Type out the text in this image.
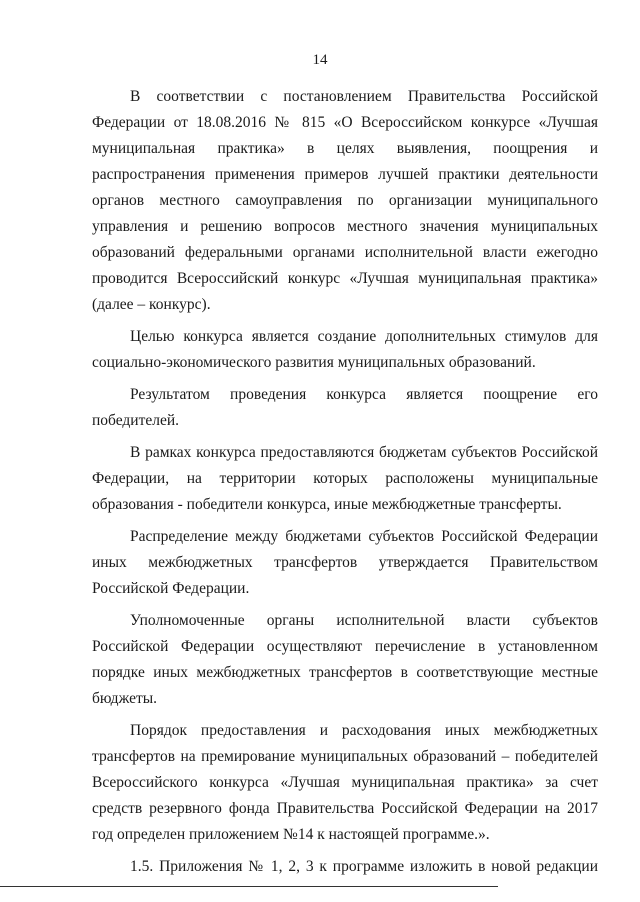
14

В соответствии с постановлением Правительства Российской Федерации от 18.08.2016 № 815 «О Всероссийском конкурсе «Лучшая муниципальная практика» в целях выявления, поощрения и распространения применения примеров лучшей практики деятельности органов местного самоуправления по организации муниципального управления и решению вопросов местного значения муниципальных образований федеральными органами исполнительной власти ежегодно проводится Всероссийский конкурс «Лучшая муниципальная практика» (далее – конкурс).

Целью конкурса является создание дополнительных стимулов для социально-экономического развития муниципальных образований.

Результатом проведения конкурса является поощрение его победителей.

В рамках конкурса предоставляются бюджетам субъектов Российской Федерации, на территории которых расположены муниципальные образования - победители конкурса, иные межбюджетные трансферты.

Распределение между бюджетами субъектов Российской Федерации иных межбюджетных трансфертов утверждается Правительством Российской Федерации.

Уполномоченные органы исполнительной власти субъектов Российской Федерации осуществляют перечисление в установленном порядке иных межбюджетных трансфертов в соответствующие местные бюджеты.

Порядок предоставления и расходования иных межбюджетных трансфертов на премирование муниципальных образований – победителей Всероссийского конкурса «Лучшая муниципальная практика» за счет средств резервного фонда Правительства Российской Федерации на 2017 год определен приложением №14 к настоящей программе.».

1.5. Приложения № 1, 2, 3 к программе изложить в новой редакции
